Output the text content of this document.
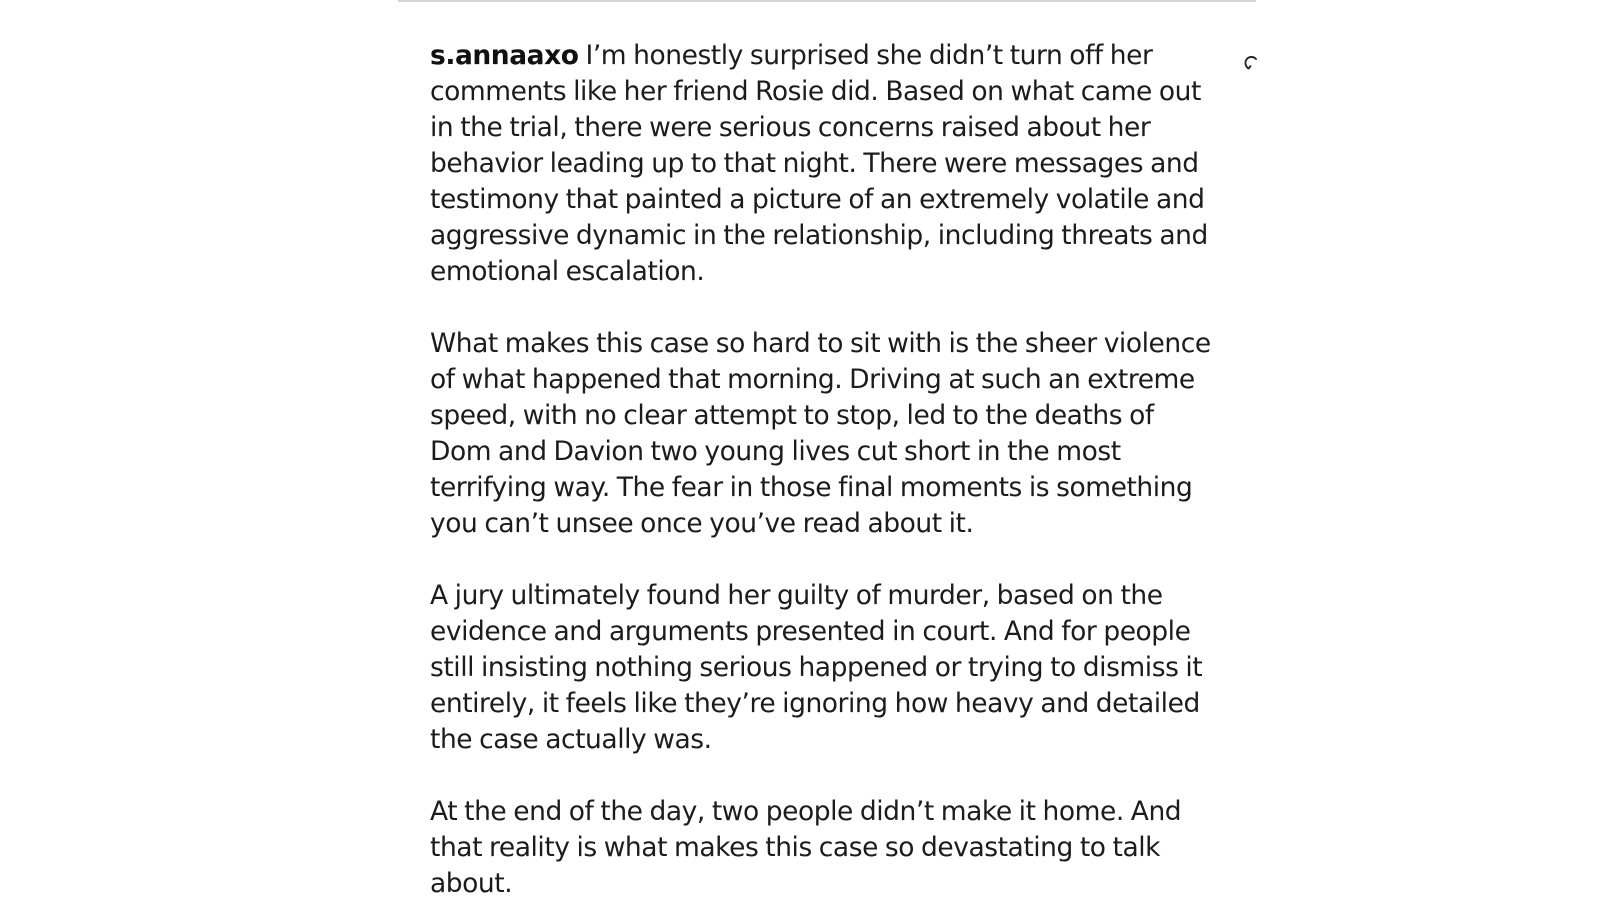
s.annaaxo I’m honestly surprised she didn’t turn off her comments like her friend Rosie did. Based on what came out in the trial, there were serious concerns raised about her behavior leading up to that night. There were messages and testimony that painted a picture of an extremely volatile and aggressive dynamic in the relationship, including threats and emotional escalation.

What makes this case so hard to sit with is the sheer violence of what happened that morning. Driving at such an extreme speed, with no clear attempt to stop, led to the deaths of Dom and Davion two young lives cut short in the most terrifying way. The fear in those final moments is something you can’t unsee once you’ve read about it.

A jury ultimately found her guilty of murder, based on the evidence and arguments presented in court. And for people still insisting nothing serious happened or trying to dismiss it entirely, it feels like they’re ignoring how heavy and detailed the case actually was.

At the end of the day, two people didn’t make it home. And that reality is what makes this case so devastating to talk about.
